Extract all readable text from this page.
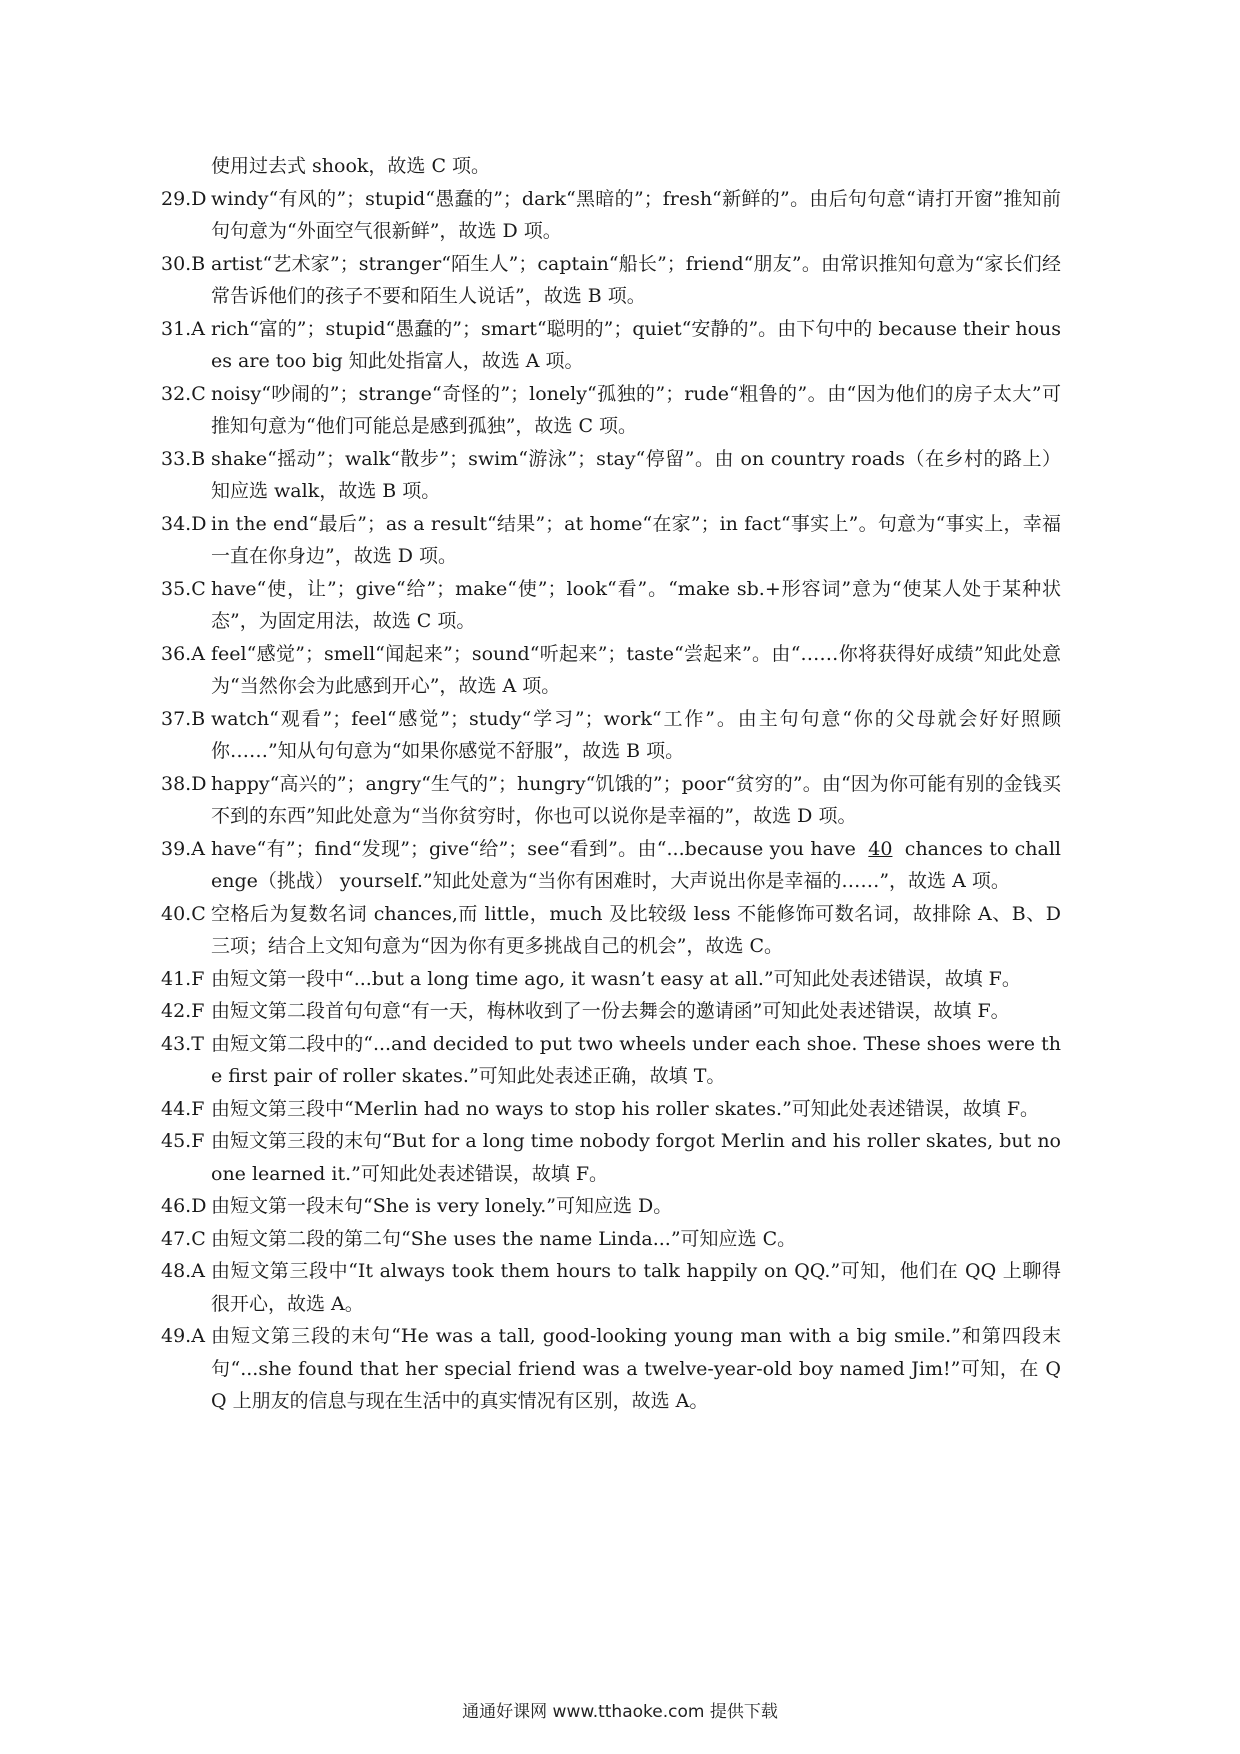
使用过去式 shook，故选 C 项。
29.D windy“有风的”；stupid“愚蠢的”；dark“黑暗的”；fresh“新鲜的”。由后句句意“请打开窗”推知前句句意为“外面空气很新鲜”，故选 D 项。
30.B artist“艺术家”；stranger“陌生人”；captain“船长”；friend“朋友”。由常识推知句意为“家长们经常告诉他们的孩子不要和陌生人说话”，故选 B 项。
31.A rich“富的”；stupid“愚蠢的”；smart“聪明的”；quiet“安静的”。由下句中的 because their houses are too big 知此处指富人，故选 A 项。
32.C noisy“吵闹的”；strange“奇怪的”；lonely“孤独的”；rude“粗鲁的”。由“因为他们的房子太大”可推知句意为“他们可能总是感到孤独”，故选 C 项。
33.B shake“摇动”；walk“散步”；swim“游泳”；stay“停留”。由 on country roads（在乡村的路上）知应选 walk，故选 B 项。
34.D in the end“最后”；as a result“结果”；at home“在家”；in fact“事实上”。句意为“事实上，幸福一直在你身边”，故选 D 项。
35.C have“使，让”；give“给”；make“使”；look“看”。“make sb.+形容词”意为“使某人处于某种状态”，为固定用法，故选 C 项。
36.A feel“感觉”；smell“闻起来”；sound“听起来”；taste“尝起来”。由“……你将获得好成绩”知此处意为“当然你会为此感到开心”，故选 A 项。
37.B watch“观看”；feel“感觉”；study“学习”；work“工作”。由主句句意“你的父母就会好好照顾你……”知从句句意为“如果你感觉不舒服”，故选 B 项。
38.D happy“高兴的”；angry“生气的”；hungry“饥饿的”；poor“贫穷的”。由“因为你可能有别的金钱买不到的东西”知此处意为“当你贫穷时，你也可以说你是幸福的”，故选 D 项。
39.A have“有”；find“发现”；give“给”；see“看到”。由“...because you have 40 chances to challenge（挑战） yourself.”知此处意为“当你有困难时，大声说出你是幸福的……”，故选 A 项。
40.C 空格后为复数名词 chances,而 little，much 及比较级 less 不能修饰可数名词，故排除 A、B、D 三项；结合上文知句意为“因为你有更多挑战自己的机会”，故选 C。
41.F 由短文第一段中“...but a long time ago, it wasn’t easy at all.”可知此处表述错误，故填 F。
42.F 由短文第二段首句句意“有一天，梅林收到了一份去舞会的邀请函”可知此处表述错误，故填 F。
43.T 由短文第二段中的“...and decided to put two wheels under each shoe. These shoes were the first pair of roller skates.”可知此处表述正确，故填 T。
44.F 由短文第三段中“Merlin had no ways to stop his roller skates.”可知此处表述错误，故填 F。
45.F 由短文第三段的末句“But for a long time nobody forgot Merlin and his roller skates, but no one learned it.”可知此处表述错误，故填 F。
46.D 由短文第一段末句“She is very lonely.”可知应选 D。
47.C 由短文第二段的第二句“She uses the name Linda...”可知应选 C。
48.A 由短文第三段中“It always took them hours to talk happily on QQ.”可知，他们在 QQ 上聊得很开心，故选 A。
49.A 由短文第三段的末句“He was a tall, good-looking young man with a big smile.”和第四段末句“...she found that her special friend was a twelve-year-old boy named Jim!”可知，在 QQ 上朋友的信息与现在生活中的真实情况有区别，故选 A。
通通好课网 www.tthaoke.com 提供下载
